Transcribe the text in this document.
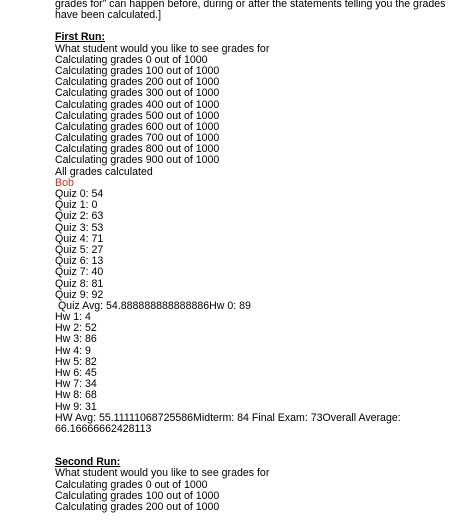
grades for” can happen before, during or after the statements telling you the grades
have been calculated.]
First Run:
What student would you like to see grades for
Calculating grades 0 out of 1000
Calculating grades 100 out of 1000
Calculating grades 200 out of 1000
Calculating grades 300 out of 1000
Calculating grades 400 out of 1000
Calculating grades 500 out of 1000
Calculating grades 600 out of 1000
Calculating grades 700 out of 1000
Calculating grades 800 out of 1000
Calculating grades 900 out of 1000
All grades calculated
Bob
Quiz 0: 54
Quiz 1: 0
Quiz 2: 63
Quiz 3: 53
Quiz 4: 71
Quiz 5: 27
Quiz 6: 13
Quiz 7: 40
Quiz 8: 81
Quiz 9: 92
Quiz Avg: 54.888888888888886Hw 0: 89
Hw 1: 4
Hw 2: 52
Hw 3: 86
Hw 4: 9
Hw 5: 82
Hw 6: 45
Hw 7: 34
Hw 8: 68
Hw 9: 31
HW Avg: 55.11111068725586Midterm: 84 Final Exam: 73Overall Average:
66.16666662428113
Second Run:
What student would you like to see grades for
Calculating grades 0 out of 1000
Calculating grades 100 out of 1000
Calculating grades 200 out of 1000
